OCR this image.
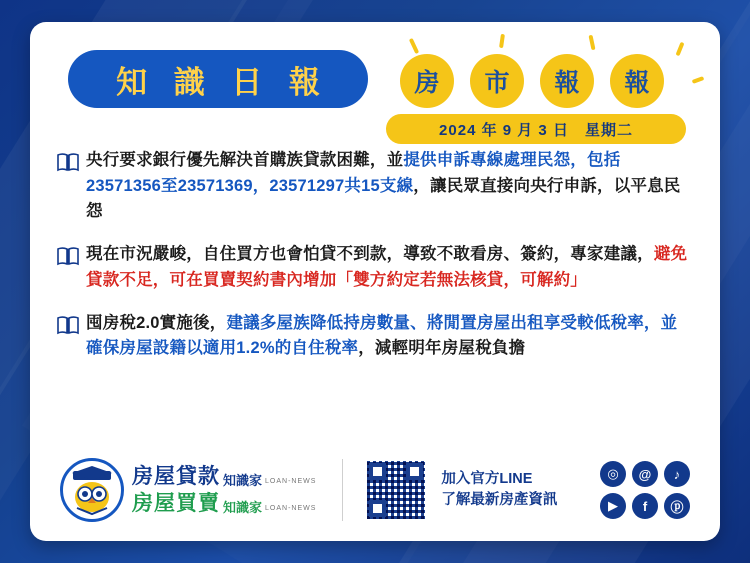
知 識 日 報	房	市	報	報
2024 年 9 月 3 日　星期二
央行要求銀行優先解決首購族貸款困難，並提供申訴專線處理民怨，包括23571356至23571369，23571297共15支線，讓民眾直接向央行申訴，以平息民怨
現在市況嚴峻，自住買方也會怕貸不到款，導致不敢看房、簽約，專家建議，避免貸款不足，可在買賣契約書內增加「雙方約定若無法核貸，可解約」
囤房稅2.0實施後，建議多屋族降低持房數量、將閒置房屋出租享受較低稅率，並確保房屋設籍以適用1.2%的自住稅率，減輕明年房屋稅負擔
房屋貸款 知識家 LOAN-NEWS
房屋買賣 知識家 LOAN-NEWS
加入官方LINE
了解最新房產資訊
◎	@	♪
▶	f	ⓟ
